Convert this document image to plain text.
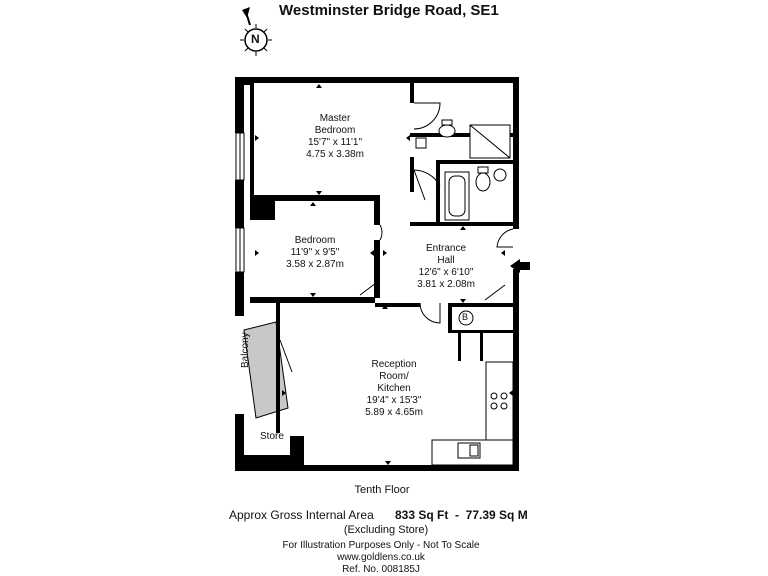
Westminster Bridge Road, SE1
N
Master
Bedroom
15'7" x 11'1"
4.75 x 3.38m
Bedroom
11'9" x 9'5"
3.58 x 2.87m
Entrance
Hall
12'6" x 6'10"
3.81 x 2.08m
Reception
Room/
Kitchen
19'4" x 15'3"
5.89 x 4.65m
Balcony
Store
B
Tenth Floor
Approx Gross Internal Area 833 Sq Ft  -  77.39 Sq M
(Excluding Store)
For Illustration Purposes Only - Not To Scale
www.goldlens.co.uk
Ref. No. 008185J
